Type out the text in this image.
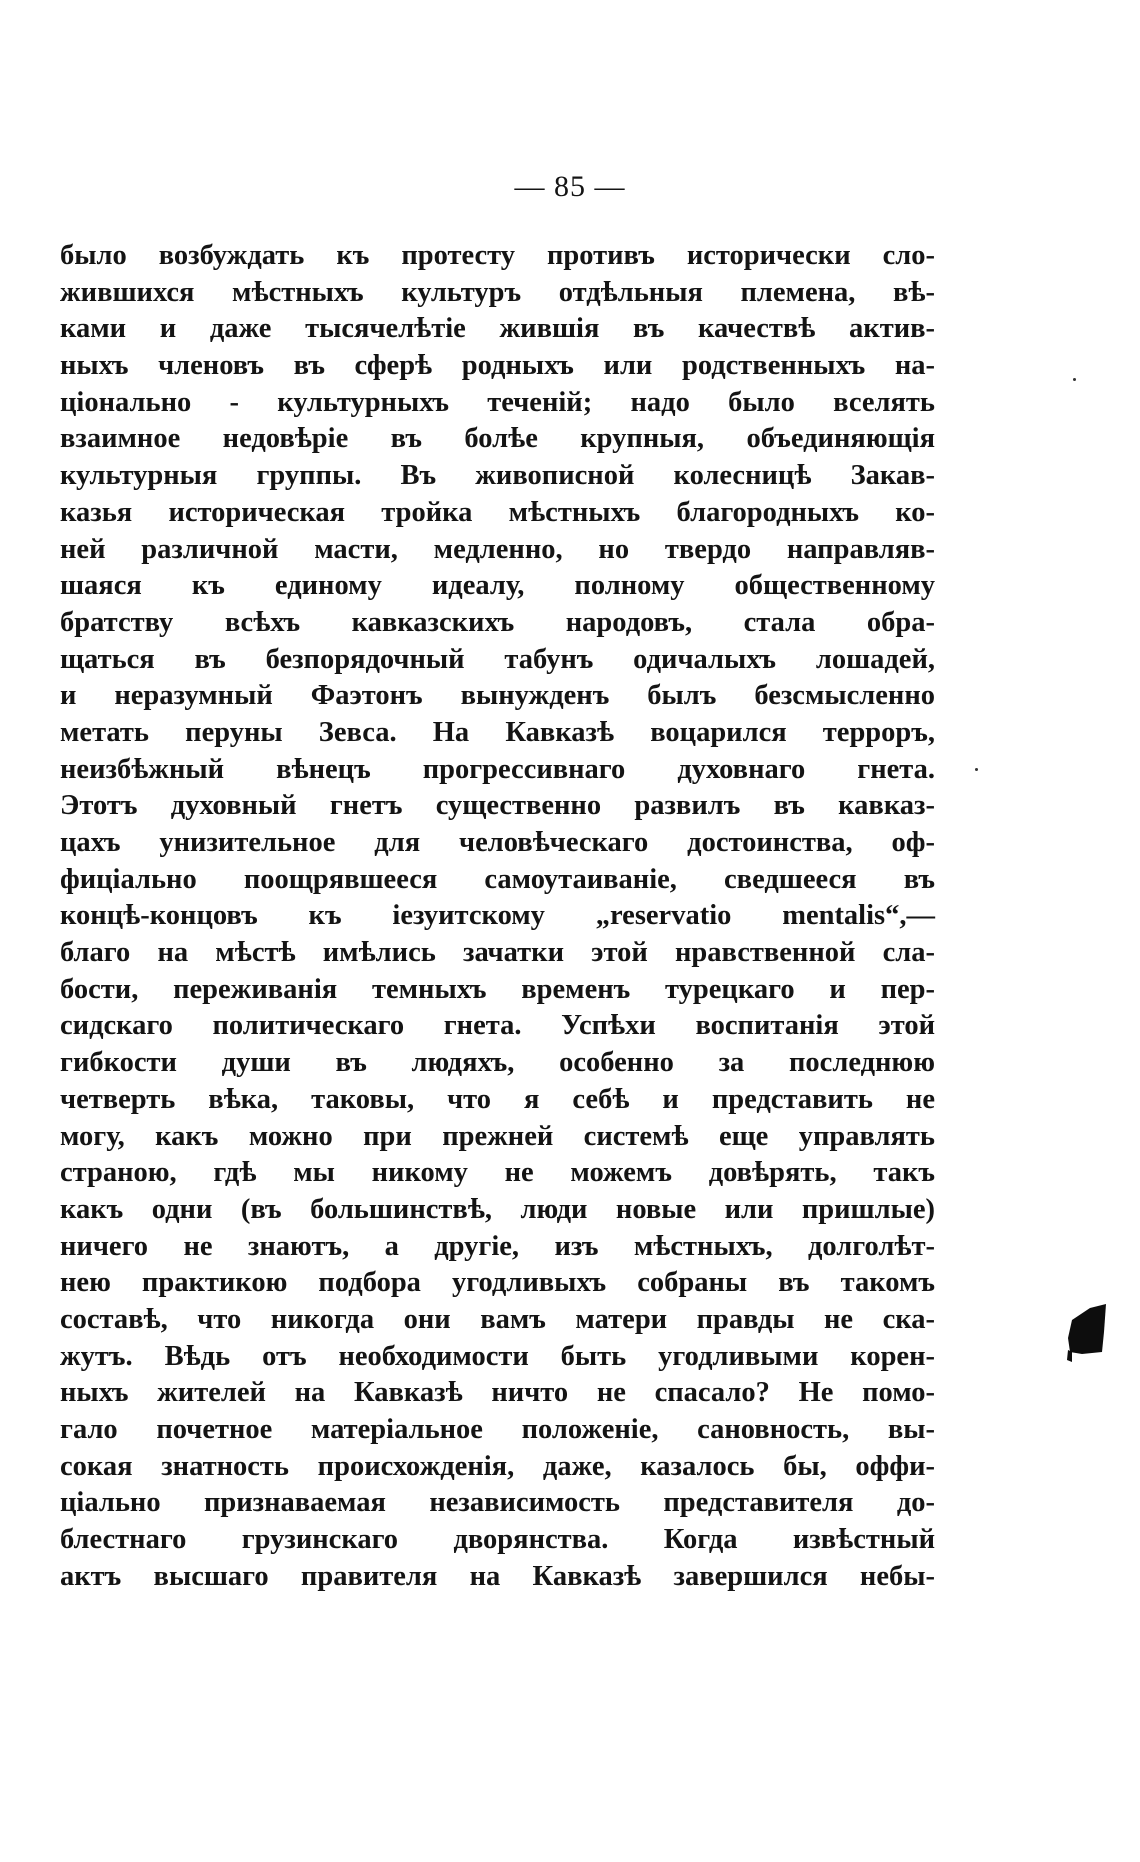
— 85 —
было возбуждать къ протесту противъ исторически сло-
жившихся мѣстныхъ культуръ отдѣльныя племена, вѣ-
ками и даже тысячелѣтіе жившія въ качествѣ актив-
ныхъ членовъ въ сферѣ родныхъ или родственныхъ на-
ціонально - культурныхъ теченій; надо было вселять
взаимное недовѣріе въ болѣе крупныя, объединяющія
культурныя группы. Въ живописной колесницѣ Закав-
казья историческая тройка мѣстныхъ благородныхъ ко-
ней различной масти, медленно, но твердо направляв-
шаяся къ единому идеалу, полному общественному
братству всѣхъ кавказскихъ народовъ, стала обра-
щаться въ безпорядочный табунъ одичалыхъ лошадей,
и неразумный Фаэтонъ вынужденъ былъ безсмысленно
метать перуны Зевса. На Кавказѣ воцарился терроръ,
неизбѣжный вѣнецъ прогрессивнаго духовнаго гнета.
Этотъ духовный гнетъ существенно развилъ въ кавказ-
цахъ унизительное для человѣческаго достоинства, оф-
фиціально поощрявшееся самоутаиваніе, сведшееся въ
концѣ-концовъ къ іезуитскому „reservatio mentalis“,—
благо на мѣстѣ имѣлись зачатки этой нравственной сла-
бости, переживанія темныхъ временъ турецкаго и пер-
сидскаго политическаго гнета. Успѣхи воспитанія этой
гибкости души въ людяхъ, особенно за последнюю
четверть вѣка, таковы, что я себѣ и представить не
могу, какъ можно при прежней системѣ еще управлять
страною, гдѣ мы никому не можемъ довѣрять, такъ
какъ одни (въ большинствѣ, люди новые или пришлые)
ничего не знаютъ, а другіе, изъ мѣстныхъ, долголѣт-
нею практикою подбора угодливыхъ собраны въ такомъ
составѣ, что никогда они вамъ матери правды не ска-
жутъ. Вѣдь отъ необходимости быть угодливыми корен-
ныхъ жителей на Кавказѣ ничто не спасало? Не помо-
гало почетное матеріальное положеніе, сановность, вы-
сокая знатность происхожденія, даже, казалось бы, оффи-
ціально признаваемая независимость представителя до-
блестнаго грузинскаго дворянства. Когда извѣстный
актъ высшаго правителя на Кавказѣ завершился небы-
